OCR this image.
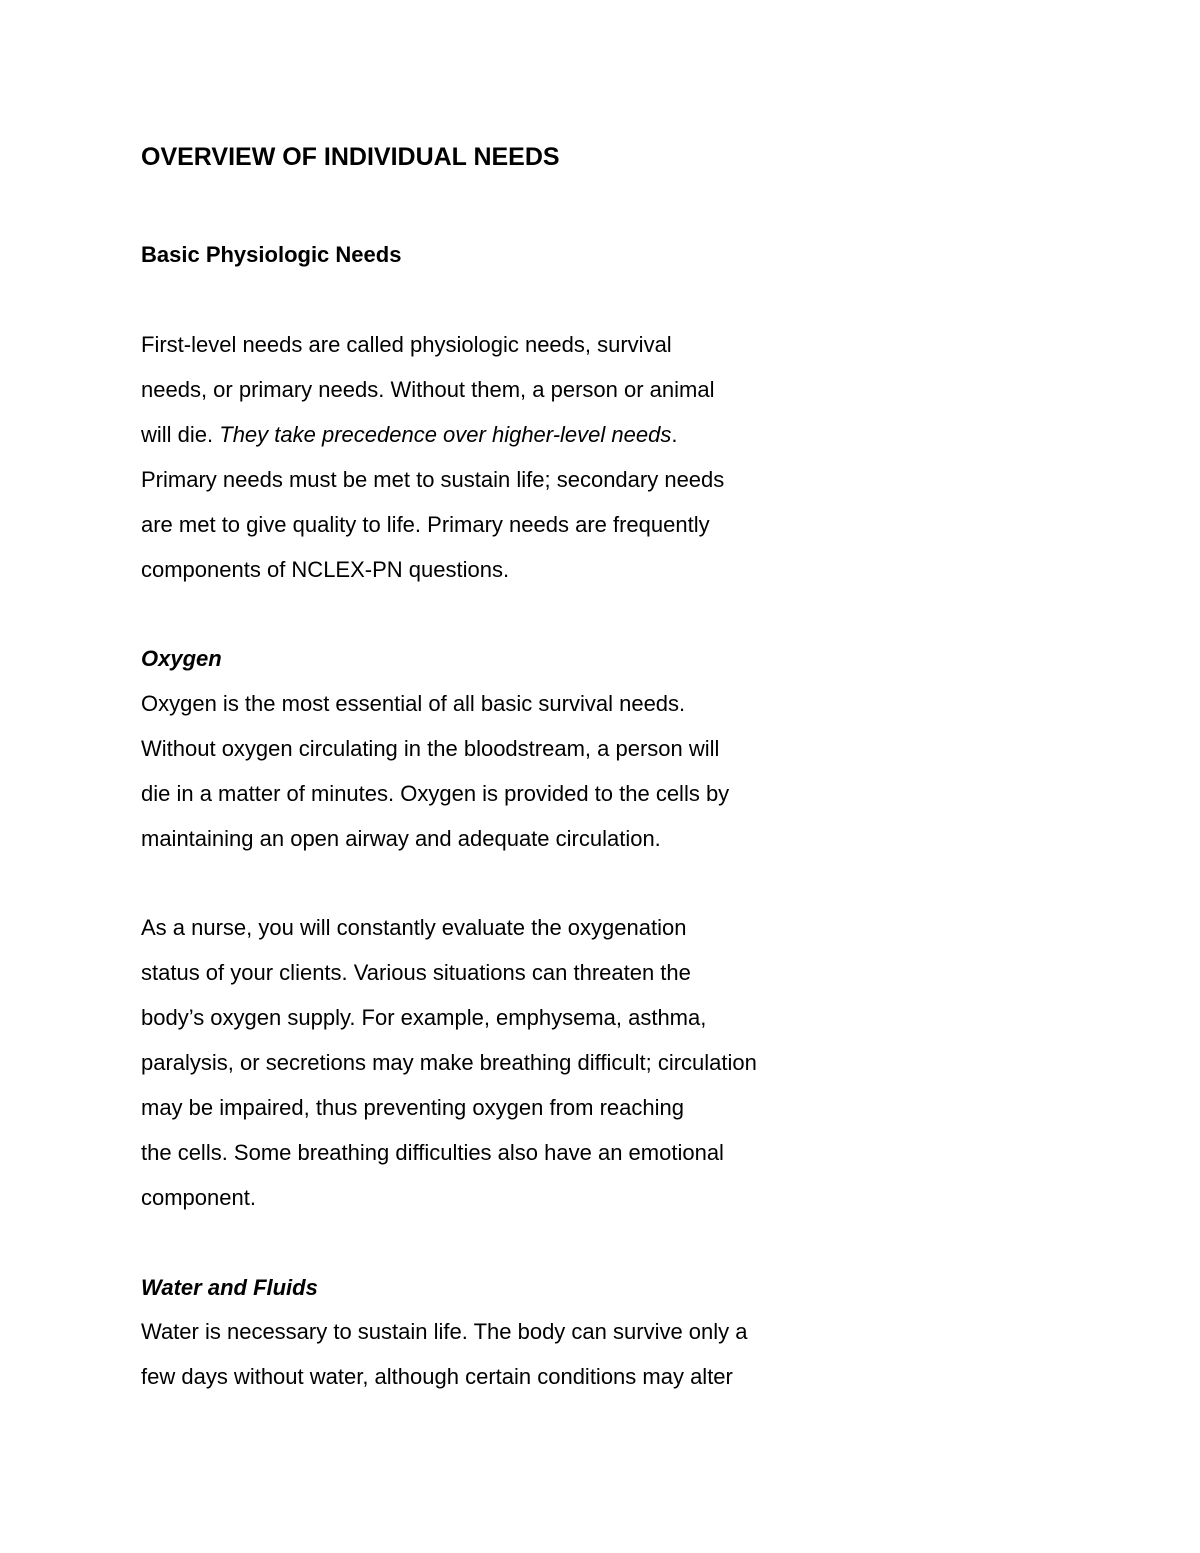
OVERVIEW OF INDIVIDUAL NEEDS
Basic Physiologic Needs
First-level needs are called physiologic needs, survival
needs, or primary needs. Without them, a person or animal
will die. They take precedence over higher-level needs.
Primary needs must be met to sustain life; secondary needs
are met to give quality to life. Primary needs are frequently
components of NCLEX-PN questions.
Oxygen
Oxygen is the most essential of all basic survival needs.
Without oxygen circulating in the bloodstream, a person will
die in a matter of minutes. Oxygen is provided to the cells by
maintaining an open airway and adequate circulation.
As a nurse, you will constantly evaluate the oxygenation
status of your clients. Various situations can threaten the
body’s oxygen supply. For example, emphysema, asthma,
paralysis, or secretions may make breathing difficult; circulation
may be impaired, thus preventing oxygen from reaching
the cells. Some breathing difficulties also have an emotional
component.
Water and Fluids
Water is necessary to sustain life. The body can survive only a
few days without water, although certain conditions may alter
